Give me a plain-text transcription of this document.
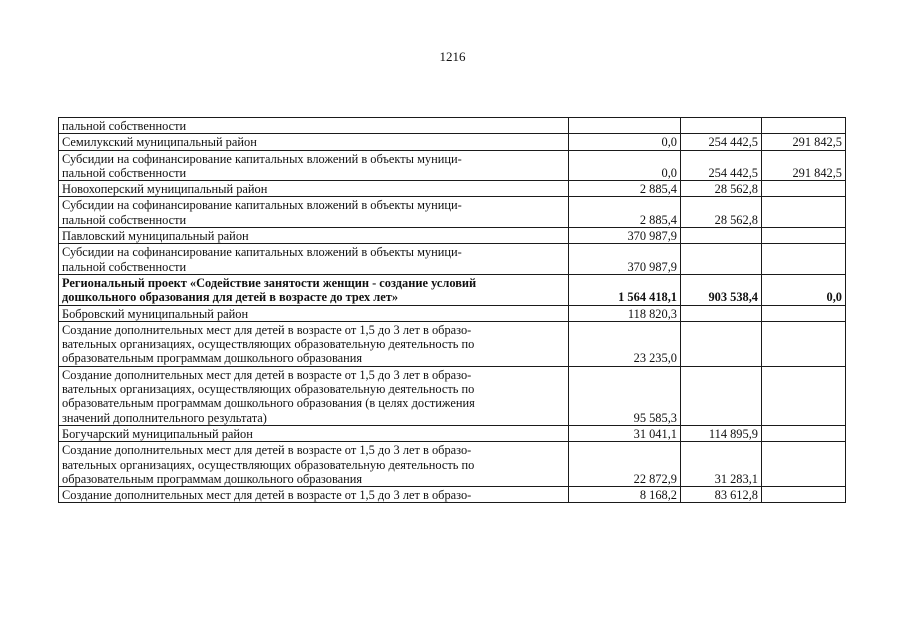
1216
пальной собственности			
Семилукский муниципальный район	0,0	254 442,5	291 842,5
Субсидии на софинансирование капитальных вложений в объекты муници-
пальной собственности	0,0	254 442,5	291 842,5
Новохоперский муниципальный район	2 885,4	28 562,8	
Субсидии на софинансирование капитальных вложений в объекты муници-
пальной собственности	2 885,4	28 562,8	
Павловский муниципальный район	370 987,9		
Субсидии на софинансирование капитальных вложений в объекты муници-
пальной собственности	370 987,9		
Региональный проект «Содействие занятости женщин - создание условий
дошкольного образования для детей в возрасте до трех лет»	1 564 418,1	903 538,4	0,0
Бобровский муниципальный район	118 820,3		
Создание дополнительных мест для детей в возрасте от 1,5 до 3 лет в образо-
вательных организациях, осуществляющих образовательную деятельность по
образовательным программам дошкольного образования	23 235,0		
Создание дополнительных мест для детей в возрасте от 1,5 до 3 лет в образо-
вательных организациях, осуществляющих образовательную деятельность по
образовательным программам дошкольного образования (в целях достижения
значений дополнительного результата)	95 585,3		
Богучарский муниципальный район	31 041,1	114 895,9	
Создание дополнительных мест для детей в возрасте от 1,5 до 3 лет в образо-
вательных организациях, осуществляющих образовательную деятельность по
образовательным программам дошкольного образования	22 872,9	31 283,1	
Создание дополнительных мест для детей в возрасте от 1,5 до 3 лет в образо-	8 168,2	83 612,8	
